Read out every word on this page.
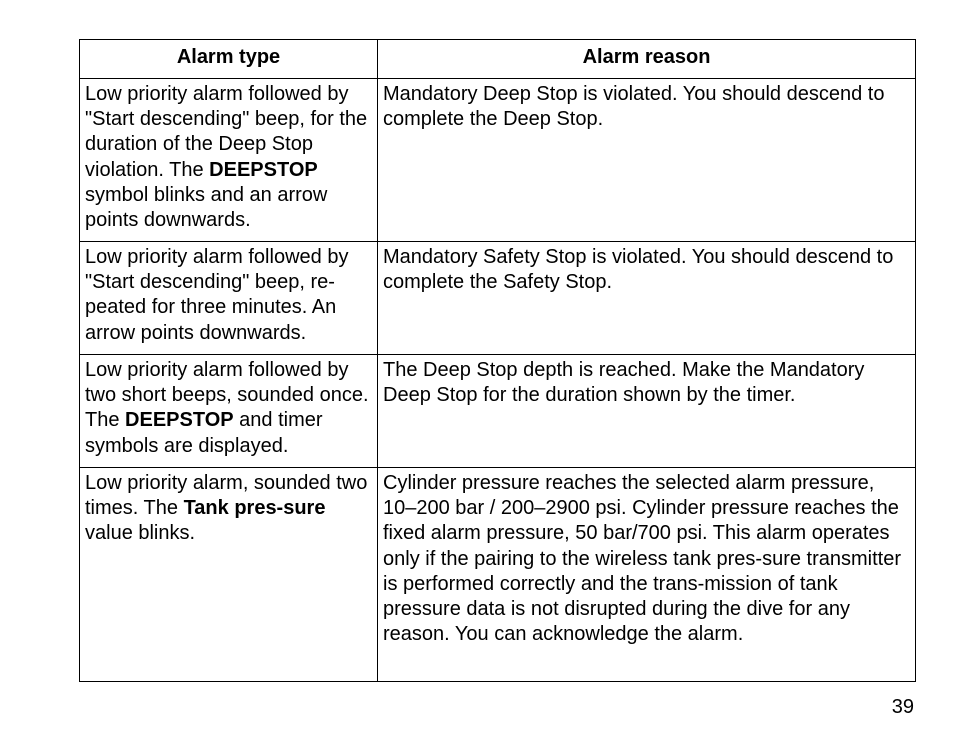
Alarm type	Alarm reason
Low priority alarm followed by "Start descending" beep, for the duration of the Deep Stop violation. The DEEPSTOP symbol blinks and an arrow points downwards.	Mandatory Deep Stop is violated. You should descend to complete the Deep Stop.
Low priority alarm followed by "Start descending" beep, re-peated for three minutes. An arrow points downwards.	Mandatory Safety Stop is violated. You should descend to complete the Safety Stop.
Low priority alarm followed by two short beeps, sounded once. The DEEPSTOP and timer symbols are displayed.	The Deep Stop depth is reached. Make the Mandatory Deep Stop for the duration shown by the timer.
Low priority alarm, sounded two times. The Tank pres-sure value blinks.	Cylinder pressure reaches the selected alarm pressure, 10–200 bar / 200–2900 psi. Cylinder pressure reaches the fixed alarm pressure, 50 bar/700 psi. This alarm operates only if the pairing to the wireless tank pres-sure transmitter is performed correctly and the trans-mission of tank pressure data is not disrupted during the dive for any reason. You can acknowledge the alarm.
39
